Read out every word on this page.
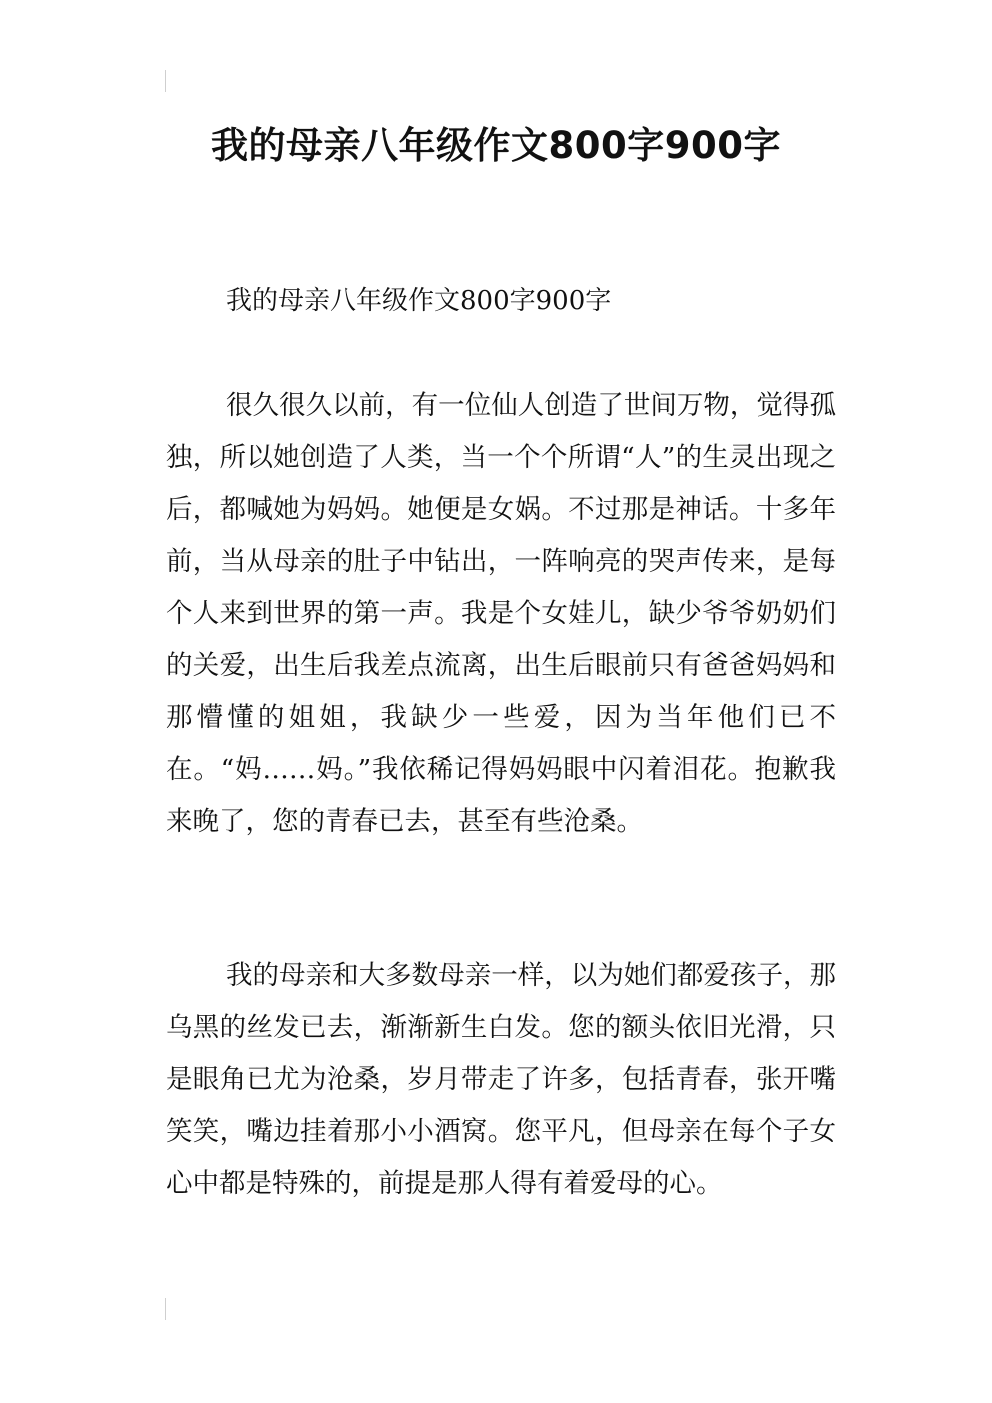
我的母亲八年级作文800字900字

我的母亲八年级作文800字900字

很久很久以前，有一位仙人创造了世间万物，觉得孤独，所以她创造了人类，当一个个所谓“人”的生灵出现之后，都喊她为妈妈。她便是女娲。不过那是神话。十多年前，当从母亲的肚子中钻出，一阵响亮的哭声传来，是每个人来到世界的第一声。我是个女娃儿，缺少爷爷奶奶们的关爱，出生后我差点流离，出生后眼前只有爸爸妈妈和那懵懂的姐姐，我缺少一些爱，因为当年他们已不在。“妈……妈。”我依稀记得妈妈眼中闪着泪花。抱歉我来晚了，您的青春已去，甚至有些沧桑。

我的母亲和大多数母亲一样，以为她们都爱孩子，那乌黑的丝发已去，渐渐新生白发。您的额头依旧光滑，只是眼角已尤为沧桑，岁月带走了许多，包括青春，张开嘴笑笑，嘴边挂着那小小酒窝。您平凡，但母亲在每个子女心中都是特殊的，前提是那人得有着爱母的心。
